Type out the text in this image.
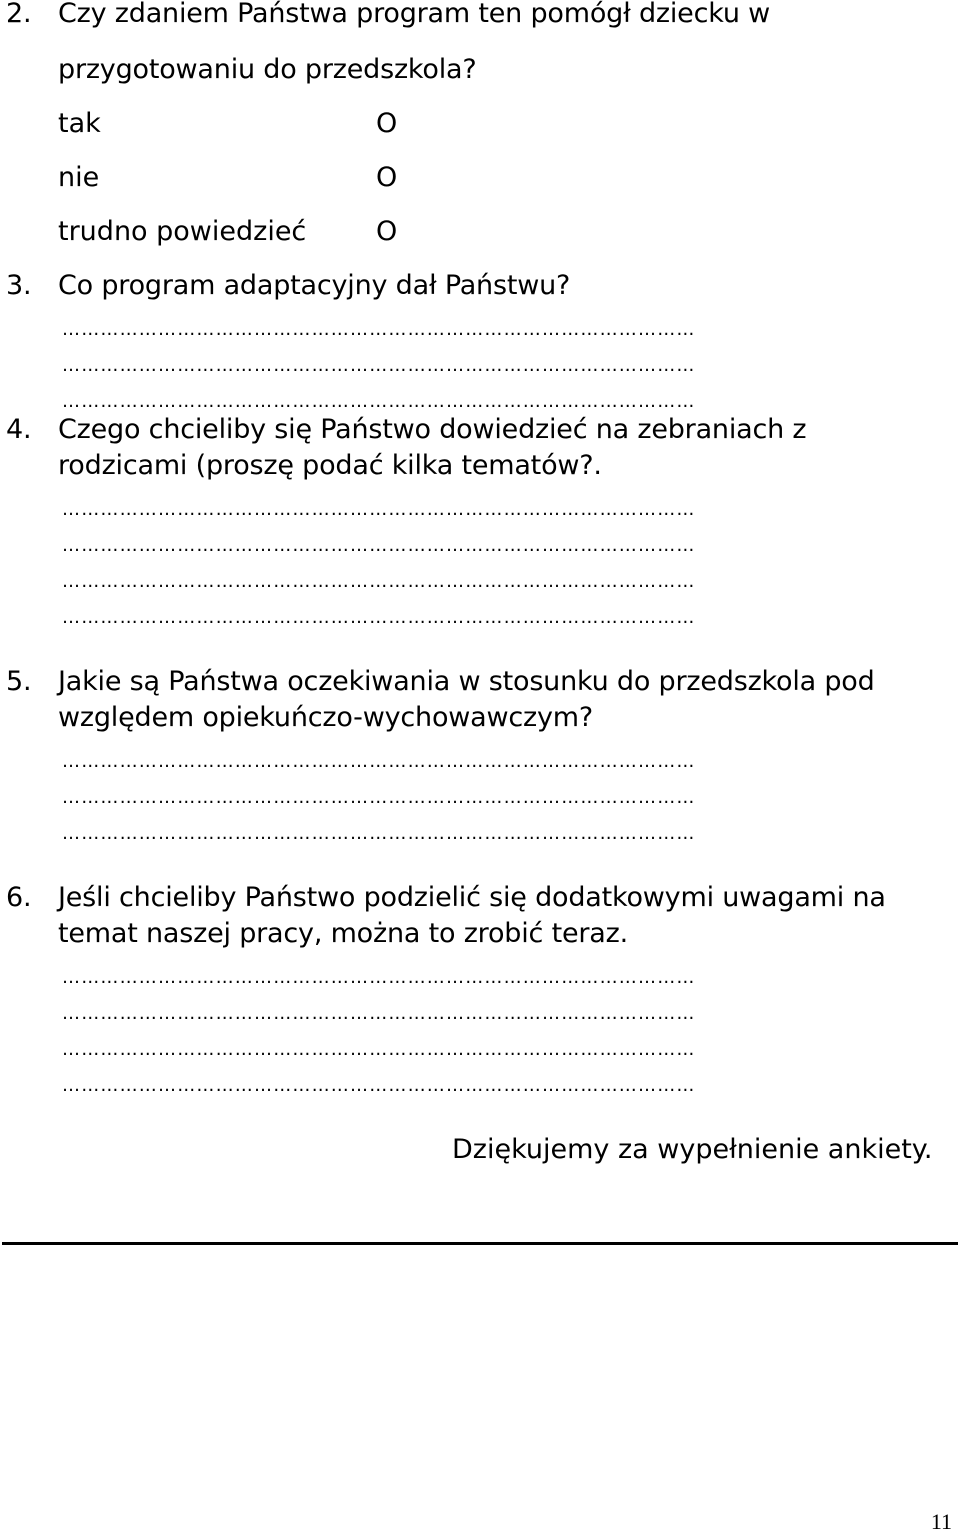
2. Czy zdaniem Państwa program ten pomógł dziecku w
przygotowaniu do przedszkola?
tak	O
nie	O
trudno powiedzieć	O
3. Co program adaptacyjny dał Państwu?
………………………………………………………………………………………
………………………………………………………………………………………
………………………………………………………………………………………
4. Czego chcieliby się Państwo dowiedzieć na zebraniach z
rodzicami (proszę podać kilka tematów?.
………………………………………………………………………………………
………………………………………………………………………………………
………………………………………………………………………………………
………………………………………………………………………………………
5. Jakie są Państwa oczekiwania w stosunku do przedszkola pod
względem opiekuńczo-wychowawczym?
………………………………………………………………………………………
………………………………………………………………………………………
………………………………………………………………………………………
6. Jeśli chcieliby Państwo podzielić się dodatkowymi uwagami na
temat naszej pracy, można to zrobić teraz.
………………………………………………………………………………………
………………………………………………………………………………………
………………………………………………………………………………………
………………………………………………………………………………………
Dziękujemy za wypełnienie ankiety.
11
